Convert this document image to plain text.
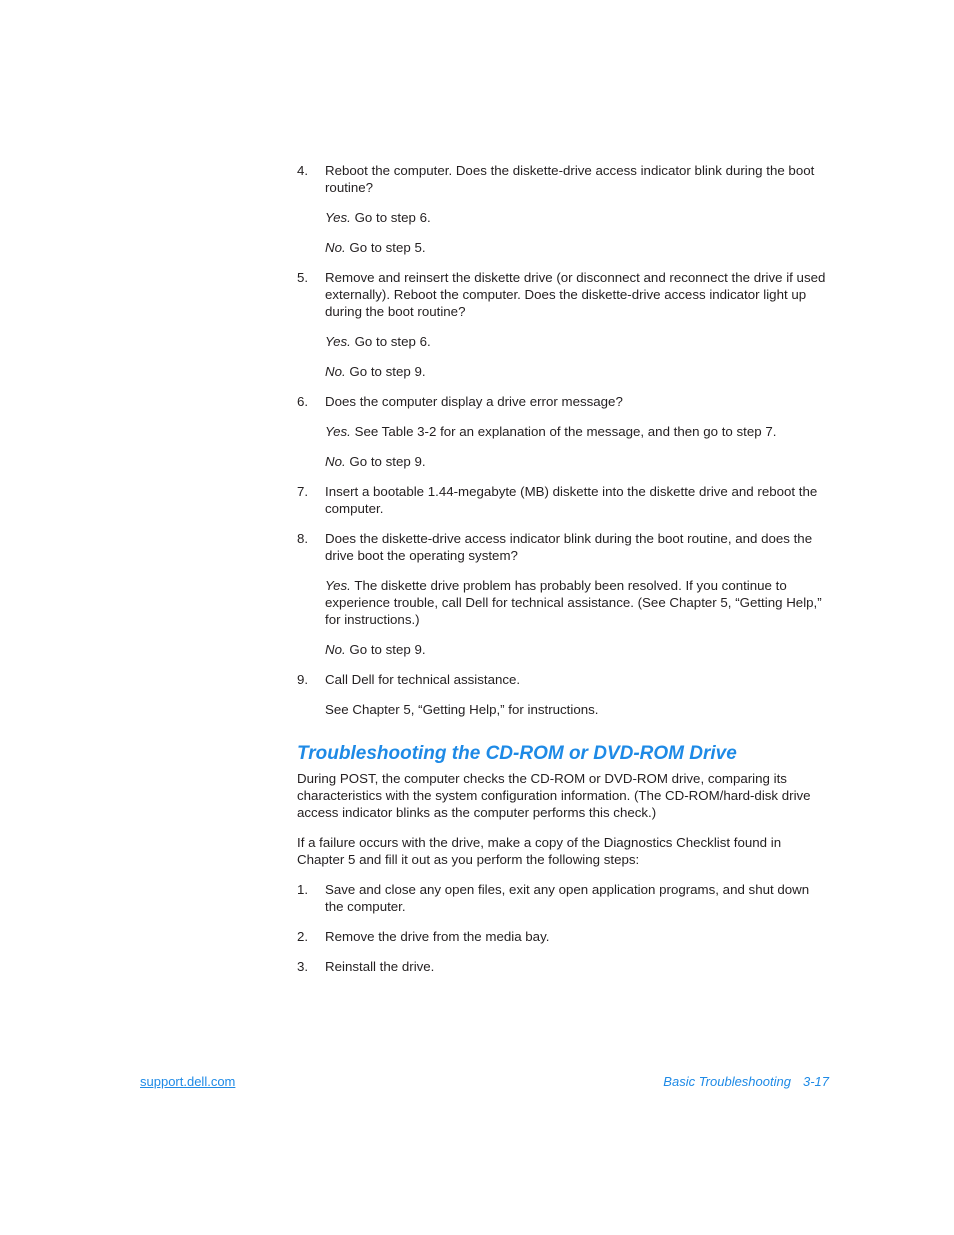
4.	Reboot the computer. Does the diskette-drive access indicator blink during the boot routine?
Yes. Go to step 6.
No. Go to step 5.
5.	Remove and reinsert the diskette drive (or disconnect and reconnect the drive if used externally). Reboot the computer. Does the diskette-drive access indicator light up during the boot routine?
Yes. Go to step 6.
No. Go to step 9.
6.	Does the computer display a drive error message?
Yes. See Table 3-2 for an explanation of the message, and then go to step 7.
No. Go to step 9.
7.	Insert a bootable 1.44-megabyte (MB) diskette into the diskette drive and reboot the computer.
8.	Does the diskette-drive access indicator blink during the boot routine, and does the drive boot the operating system?
Yes. The diskette drive problem has probably been resolved. If you continue to experience trouble, call Dell for technical assistance. (See Chapter 5, “Getting Help,” for instructions.)
No. Go to step 9.
9.	Call Dell for technical assistance.
See Chapter 5, “Getting Help,” for instructions.
Troubleshooting the CD-ROM or DVD-ROM Drive
During POST, the computer checks the CD-ROM or DVD-ROM drive, comparing its characteristics with the system configuration information. (The CD-ROM/hard-disk drive access indicator blinks as the computer performs this check.)
If a failure occurs with the drive, make a copy of the Diagnostics Checklist found in Chapter 5 and fill it out as you perform the following steps:
1.	Save and close any open files, exit any open application programs, and shut down the computer.
2.	Remove the drive from the media bay.
3.	Reinstall the drive.
support.dell.com	Basic Troubleshooting 3-17
